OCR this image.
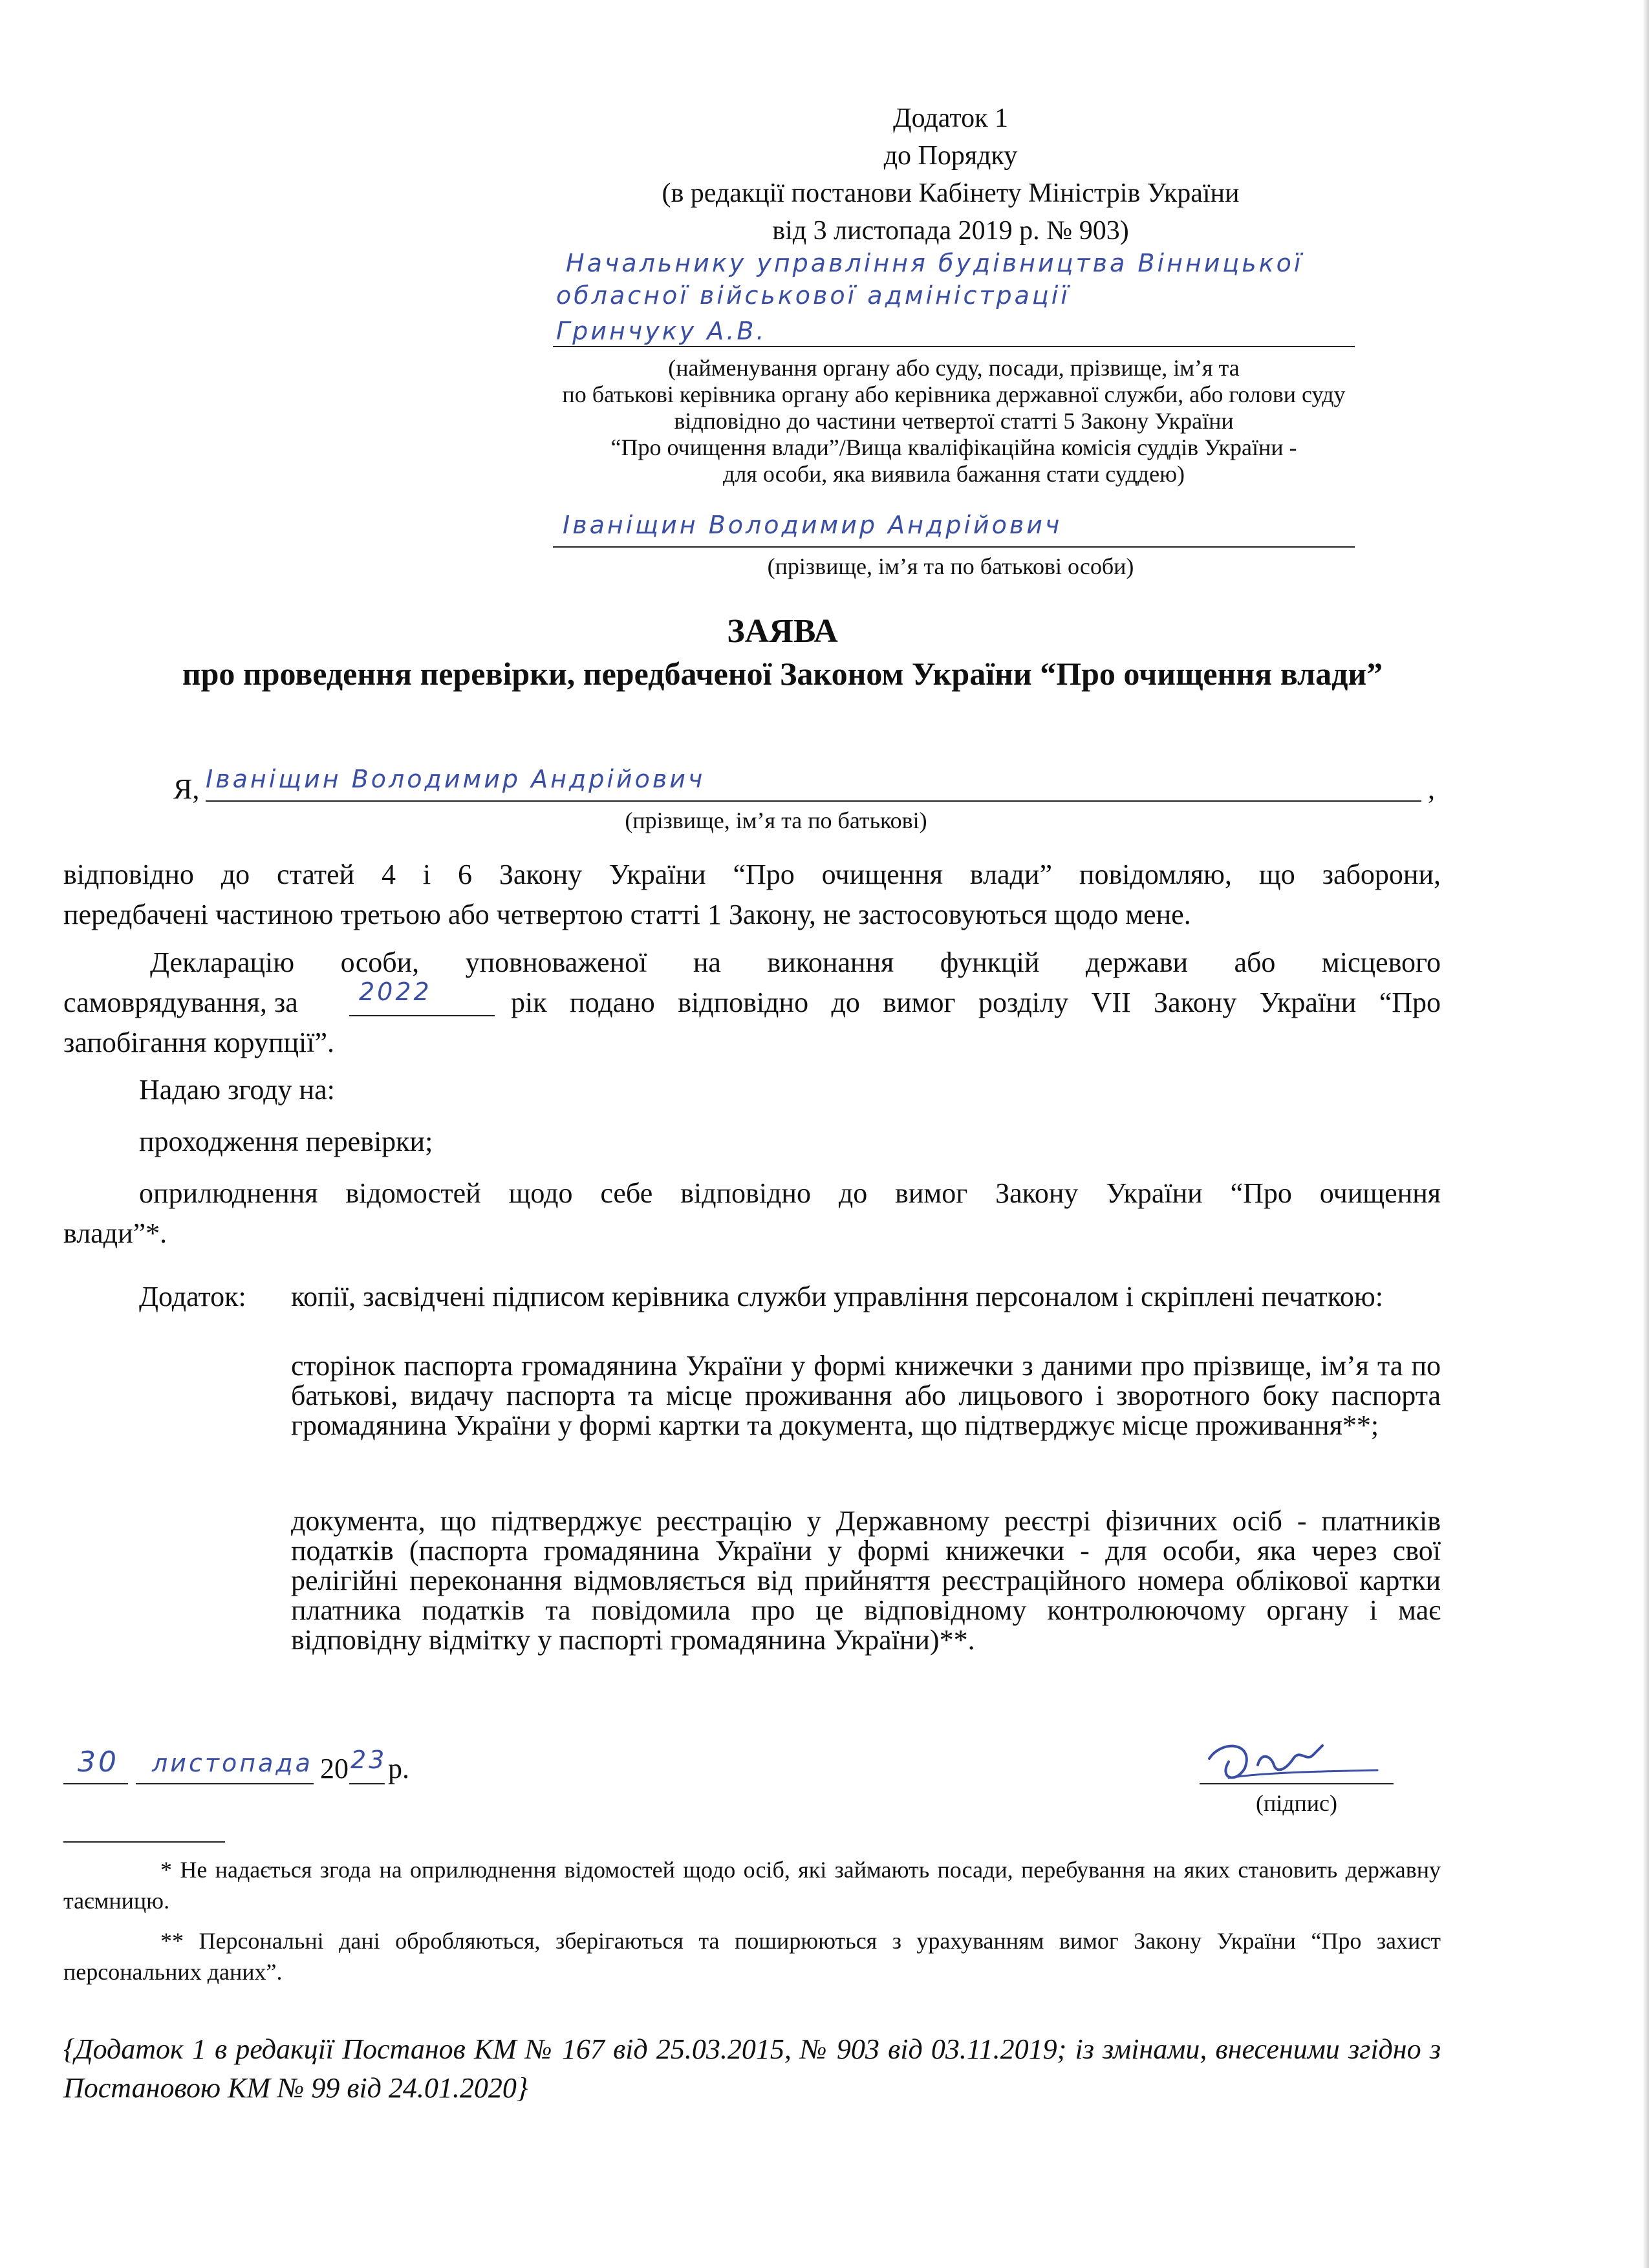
Додаток 1
до Порядку
(в редакції постанови Кабінету Міністрів України
від 3 листопада 2019 р. № 903)
Начальнику управління будівництва Вінницької
обласної військової адміністрації
Гринчуку А.В.
(найменування органу або суду, посади, прізвище, ім’я та
по батькові керівника органу або керівника державної служби, або голови суду
відповідно до частини четвертої статті 5 Закону України
“Про очищення влади”/Вища кваліфікаційна комісія суддів України -
для особи, яка виявила бажання стати суддею)
Іваніщин Володимир Андрійович
(прізвище, ім’я та по батькові особи)
ЗАЯВА
про проведення перевірки, передбаченої Законом України “Про очищення влади”
Я, Іваніщин Володимир Андрійович	,
(прізвище, ім’я та по батькові)
відповідно до статей 4 і 6 Закону України “Про очищення влади” повідомляю, що заборони,
передбачені частиною третьою або четвертою статті 1 Закону, не застосовуються щодо мене.
Декларацію особи, уповноваженої на виконання функцій держави або місцевого
самоврядування, за 2022	рік подано відповідно до вимог розділу VII Закону України “Про
запобігання корупції”.
Надаю згоду на:
проходження перевірки;
оприлюднення відомостей щодо себе відповідно до вимог Закону України “Про очищення
влади”*.
Додаток: копії, засвідчені підписом керівника служби управління персоналом і скріплені печаткою:
сторінок паспорта громадянина України у формі книжечки з даними про прізвище, ім’я та по батькові, видачу паспорта та місце проживання або лицьового і зворотного боку паспорта громадянина України у формі картки та документа, що підтверджує місце проживання**;
документа, що підтверджує реєстрацію у Державному реєстрі фізичних осіб - платників податків (паспорта громадянина України у формі книжечки - для особи, яка через свої релігійні переконання відмовляється від прийняття реєстраційного номера облікової картки платника податків та повідомила про це відповідному контролюючому органу і має відповідну відмітку у паспорті громадянина України)**.
30 листопада 20 23 р.
(підпис)
* Не надається згода на оприлюднення відомостей щодо осіб, які займають посади, перебування на яких становить державну таємницю.
** Персональні дані обробляються, зберігаються та поширюються з урахуванням вимог Закону України “Про захист персональних даних”.
{Додаток 1 в редакції Постанов КМ № 167 від 25.03.2015, № 903 від 03.11.2019; із змінами, внесеними згідно з Постановою КМ № 99 від 24.01.2020}
